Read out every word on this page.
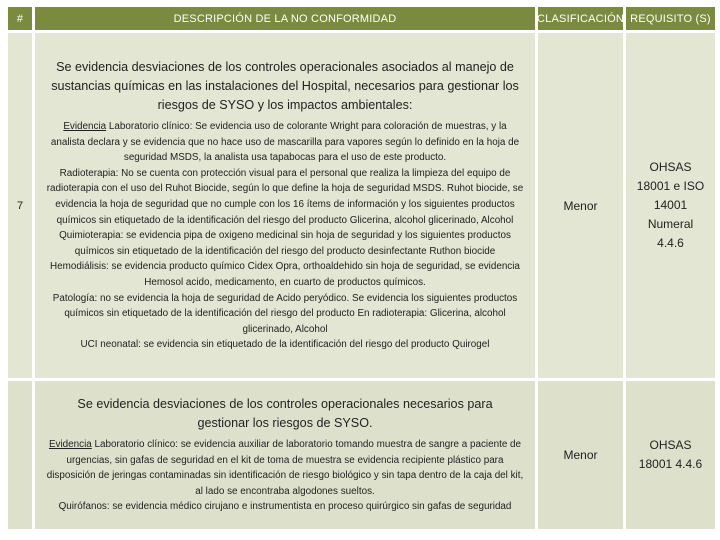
#	DESCRIPCIÓN DE LA NO CONFORMIDAD	CLASIFICACIÓN REQUISITO (S)
7

Se evidencia desviaciones de los controles operacionales asociados al manejo de sustancias químicas en las instalaciones del Hospital, necesarios para gestionar los riesgos de SYSO y los impactos ambientales:

Evidencia Laboratorio clínico: Se evidencia uso de colorante Wright para coloración de muestras, y la analista declara y se evidencia que no hace uso de mascarilla para vapores según lo definido en la hoja de seguridad MSDS, la analista usa tapabocas para el uso de este producto.

Radioterapia: No se cuenta con protección visual para el personal que realiza la limpieza del equipo de radioterapia con el uso del Ruhot Biocide, según lo que define la hoja de seguridad MSDS. Ruhot biocide, se evidencia la hoja de seguridad que no cumple con los 16 ítems de información y los siguientes productos químicos sin etiquetado de la identificación del riesgo del producto Glicerina, alcohol glicerinado, Alcohol

Quimioterapia: se evidencia pipa de oxigeno medicinal sin hoja de seguridad y los siguientes productos químicos sin etiquetado de la identificación del riesgo del producto desinfectante Ruthon biocide

Hemodiálisis: se evidencia producto químico Cidex Opra, orthoaldehido sin hoja de seguridad, se evidencia Hemosol acido, medicamento, en cuarto de productos químicos.

Patología: no se evidencia la hoja de seguridad de Acido peryódico. Se evidencia los siguientes productos químicos sin etiquetado de la identificación del riesgo del producto En radioterapia: Glicerina, alcohol glicerinado, Alcohol

UCI neonatal: se evidencia sin etiquetado de la identificación del riesgo del producto Quirogel

Menor
OHSAS 18001 e ISO 14001 Numeral 4.4.6

Se evidencia desviaciones de los controles operacionales necesarios para gestionar los riesgos de SYSO.

Evidencia Laboratorio clínico: se evidencia auxiliar de laboratorio tomando muestra de sangre a paciente de urgencias, sin gafas de seguridad en el kit de toma de muestra se evidencia recipiente plástico para disposición de jeringas contaminadas sin identificación de riesgo biológico y sin tapa dentro de la caja del kit, al lado se encontraba algodones sueltos.

Quirófanos: se evidencia médico cirujano e instrumentista en proceso quirúrgico sin gafas de seguridad

Menor
OHSAS 18001 4.4.6
